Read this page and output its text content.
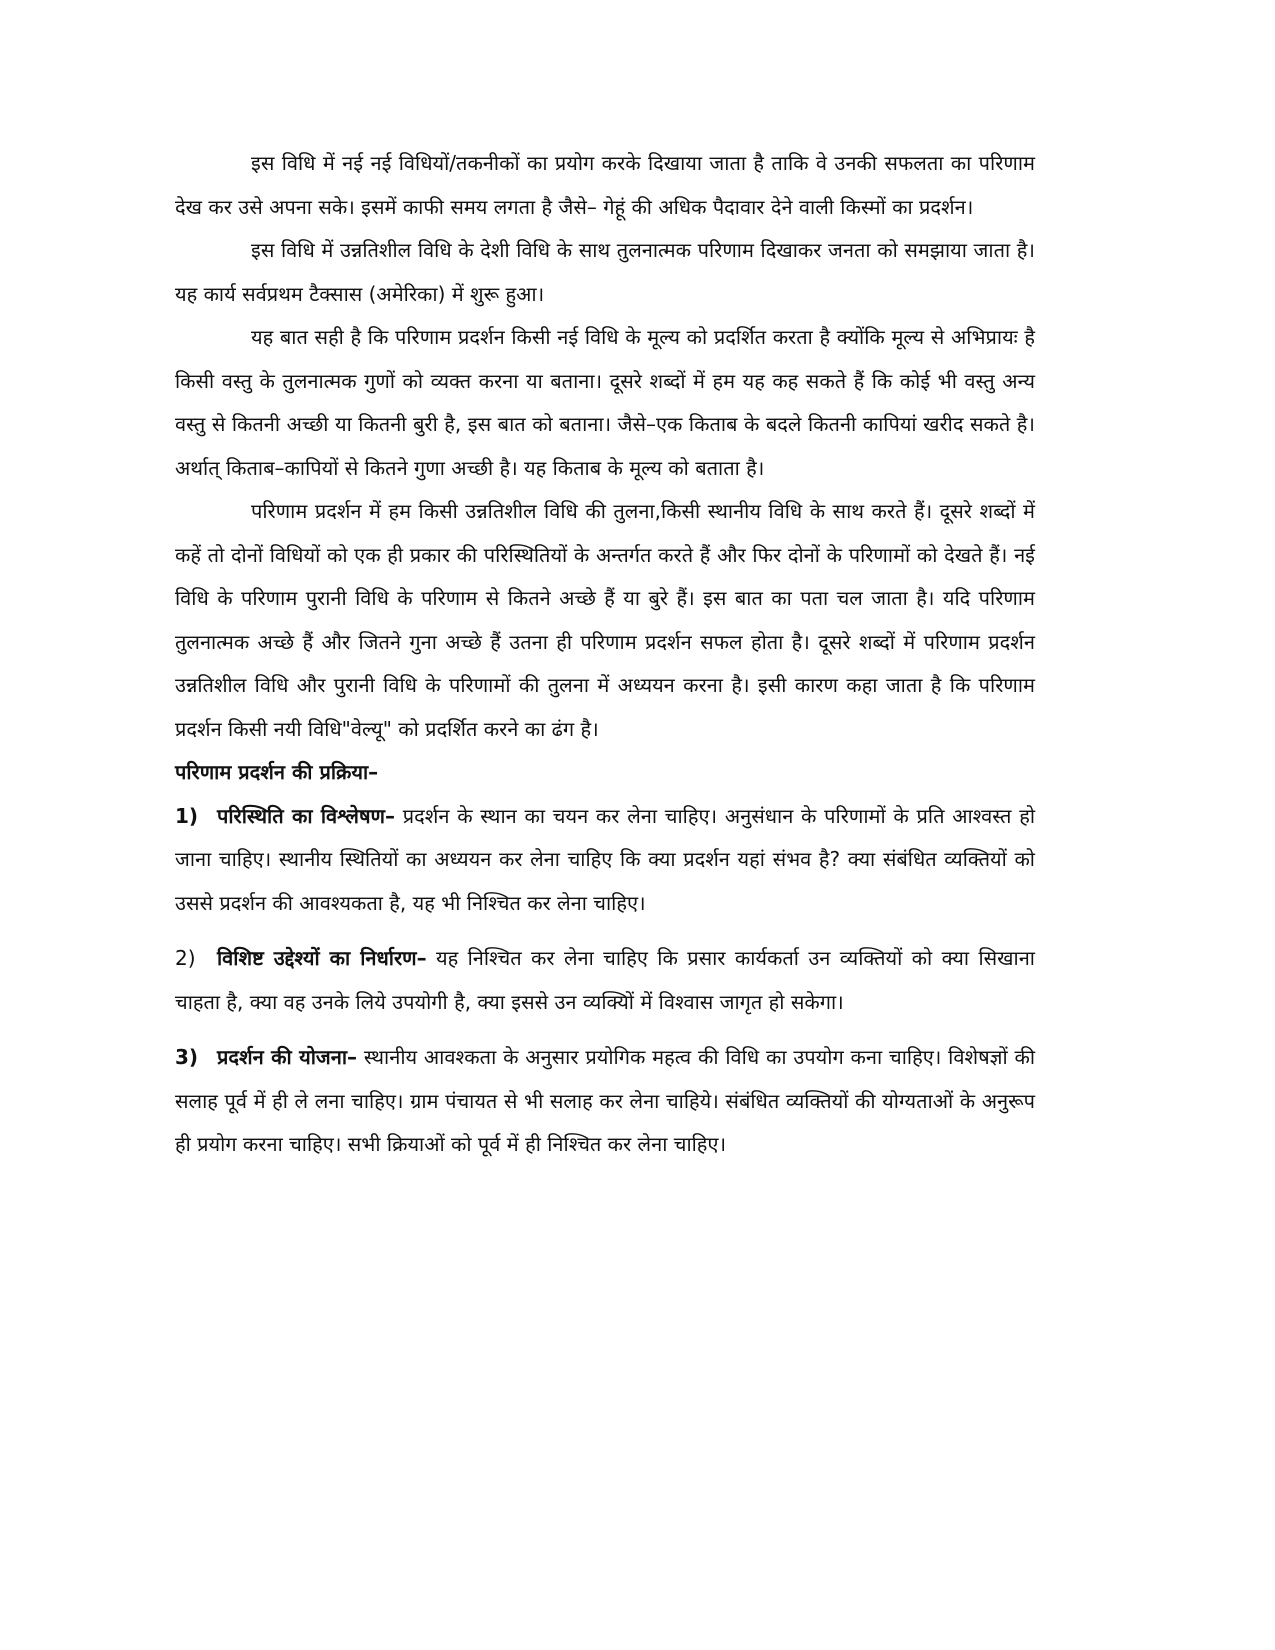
इस विधि में नई नई विधियों/तकनीकों का प्रयोग करके दिखाया जाता है ताकि वे उनकी सफलता का परिणाम देख कर उसे अपना सके। इसमें काफी समय लगता है जैसे– गेहूं की अधिक पैदावार देने वाली किस्मों का प्रदर्शन।

इस विधि में उन्नतिशील विधि के देशी विधि के साथ तुलनात्मक परिणाम दिखाकर जनता को समझाया जाता है। यह कार्य सर्वप्रथम टैक्सास (अमेरिका) में शुरू हुआ।

यह बात सही है कि परिणाम प्रदर्शन किसी नई विधि के मूल्य को प्रदर्शित करता है क्योंकि मूल्य से अभिप्रायः है किसी वस्तु के तुलनात्मक गुणों को व्यक्त करना या बताना। दूसरे शब्दों में हम यह कह सकते हैं कि कोई भी वस्तु अन्य वस्तु से कितनी अच्छी या कितनी बुरी है, इस बात को बताना। जैसे–एक किताब के बदले कितनी कापियां खरीद सकते है। अर्थात् किताब–कापियों से कितने गुणा अच्छी है। यह किताब के मूल्य को बताता है।

परिणाम प्रदर्शन में हम किसी उन्नतिशील विधि की तुलना,किसी स्थानीय विधि के साथ करते हैं। दूसरे शब्दों में कहें तो दोनों विधियों को एक ही प्रकार की परिस्थितियों के अन्तर्गत करते हैं और फिर दोनों के परिणामों को देखते हैं। नई विधि के परिणाम पुरानी विधि के परिणाम से कितने अच्छे हैं या बुरे हैं। इस बात का पता चल जाता है। यदि परिणाम तुलनात्मक अच्छे हैं और जितने गुना अच्छे हैं उतना ही परिणाम प्रदर्शन सफल होता है। दूसरे शब्दों में परिणाम प्रदर्शन उन्नतिशील विधि और पुरानी विधि के परिणामों की तुलना में अध्ययन करना है। इसी कारण कहा जाता है कि परिणाम प्रदर्शन किसी नयी विधि"वेल्यू" को प्रदर्शित करने का ढंग है।

परिणाम प्रदर्शन की प्रक्रिया–

1) परिस्थिति का विश्लेषण– प्रदर्शन के स्थान का चयन कर लेना चाहिए। अनुसंधान के परिणामों के प्रति आश्वस्त हो जाना चाहिए। स्थानीय स्थितियों का अध्ययन कर लेना चाहिए कि क्या प्रदर्शन यहां संभव है? क्या संबंधित व्यक्तियों को उससे प्रदर्शन की आवश्यकता है, यह भी निश्चित कर लेना चाहिए।

2) विशिष्ट उद्देश्यों का निर्धारण– यह निश्चित कर लेना चाहिए कि प्रसार कार्यकर्ता उन व्यक्तियों को क्या सिखाना चाहता है, क्या वह उनके लिये उपयोगी है, क्या इससे उन व्यक्यिों में विश्वास जागृत हो सकेगा।

3) प्रदर्शन की योजना– स्थानीय आवश्कता के अनुसार प्रयोगिक महत्व की विधि का उपयोग कना चाहिए। विशेषज्ञों की सलाह पूर्व में ही ले लना चाहिए। ग्राम पंचायत से भी सलाह कर लेना चाहिये। संबंधित व्यक्तियों की योग्यताओं के अनुरूप ही प्रयोग करना चाहिए। सभी क्रियाओं को पूर्व में ही निश्चित कर लेना चाहिए।
